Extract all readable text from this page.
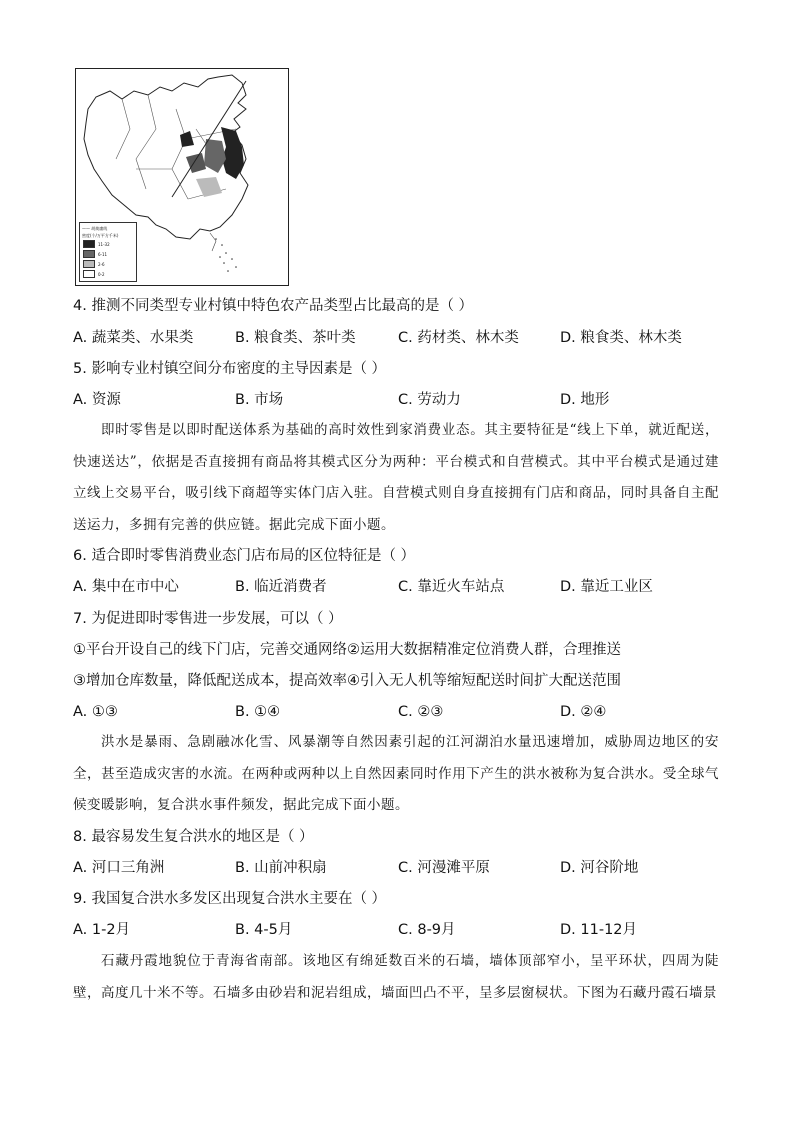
—— 胡焕庸线
密度(个/万平方千米)
11-32
6-11
2-6
0-2
4. 推测不同类型专业村镇中特色农产品类型占比最高的是（ ）
A. 蔬菜类、水果类	B. 粮食类、茶叶类	C. 药材类、林木类	D. 粮食类、林木类
5. 影响专业村镇空间分布密度的主导因素是（ ）
A. 资源	B. 市场	C. 劳动力	D. 地形
即时零售是以即时配送体系为基础的高时效性到家消费业态。其主要特征是“线上下单，就近配送，快速送达”，依据是否直接拥有商品将其模式区分为两种：平台模式和自营模式。其中平台模式是通过建立线上交易平台，吸引线下商超等实体门店入驻。自营模式则自身直接拥有门店和商品，同时具备自主配送运力，多拥有完善的供应链。据此完成下面小题。
6. 适合即时零售消费业态门店布局的区位特征是（ ）
A. 集中在市中心	B. 临近消费者	C. 靠近火车站点	D. 靠近工业区
7. 为促进即时零售进一步发展，可以（ ）
①平台开设自己的线下门店，完善交通网络②运用大数据精准定位消费人群，合理推送
③增加仓库数量，降低配送成本，提高效率④引入无人机等缩短配送时间扩大配送范围
A. ①③	B. ①④	C. ②③	D. ②④
洪水是暴雨、急剧融冰化雪、风暴潮等自然因素引起的江河湖泊水量迅速增加，威胁周边地区的安全，甚至造成灾害的水流。在两种或两种以上自然因素同时作用下产生的洪水被称为复合洪水。受全球气候变暖影响，复合洪水事件频发，据此完成下面小题。
8. 最容易发生复合洪水的地区是（ ）
A. 河口三角洲	B. 山前冲积扇	C. 河漫滩平原	D. 河谷阶地
9. 我国复合洪水多发区出现复合洪水主要在（ ）
A. 1-2月	B. 4-5月	C. 8-9月	D. 11-12月
石藏丹霞地貌位于青海省南部。该地区有绵延数百米的石墙，墙体顶部窄小，呈平环状，四周为陡壁，高度几十米不等。石墙多由砂岩和泥岩组成，墙面凹凸不平，呈多层窗棂状。下图为石藏丹霞石墙景
